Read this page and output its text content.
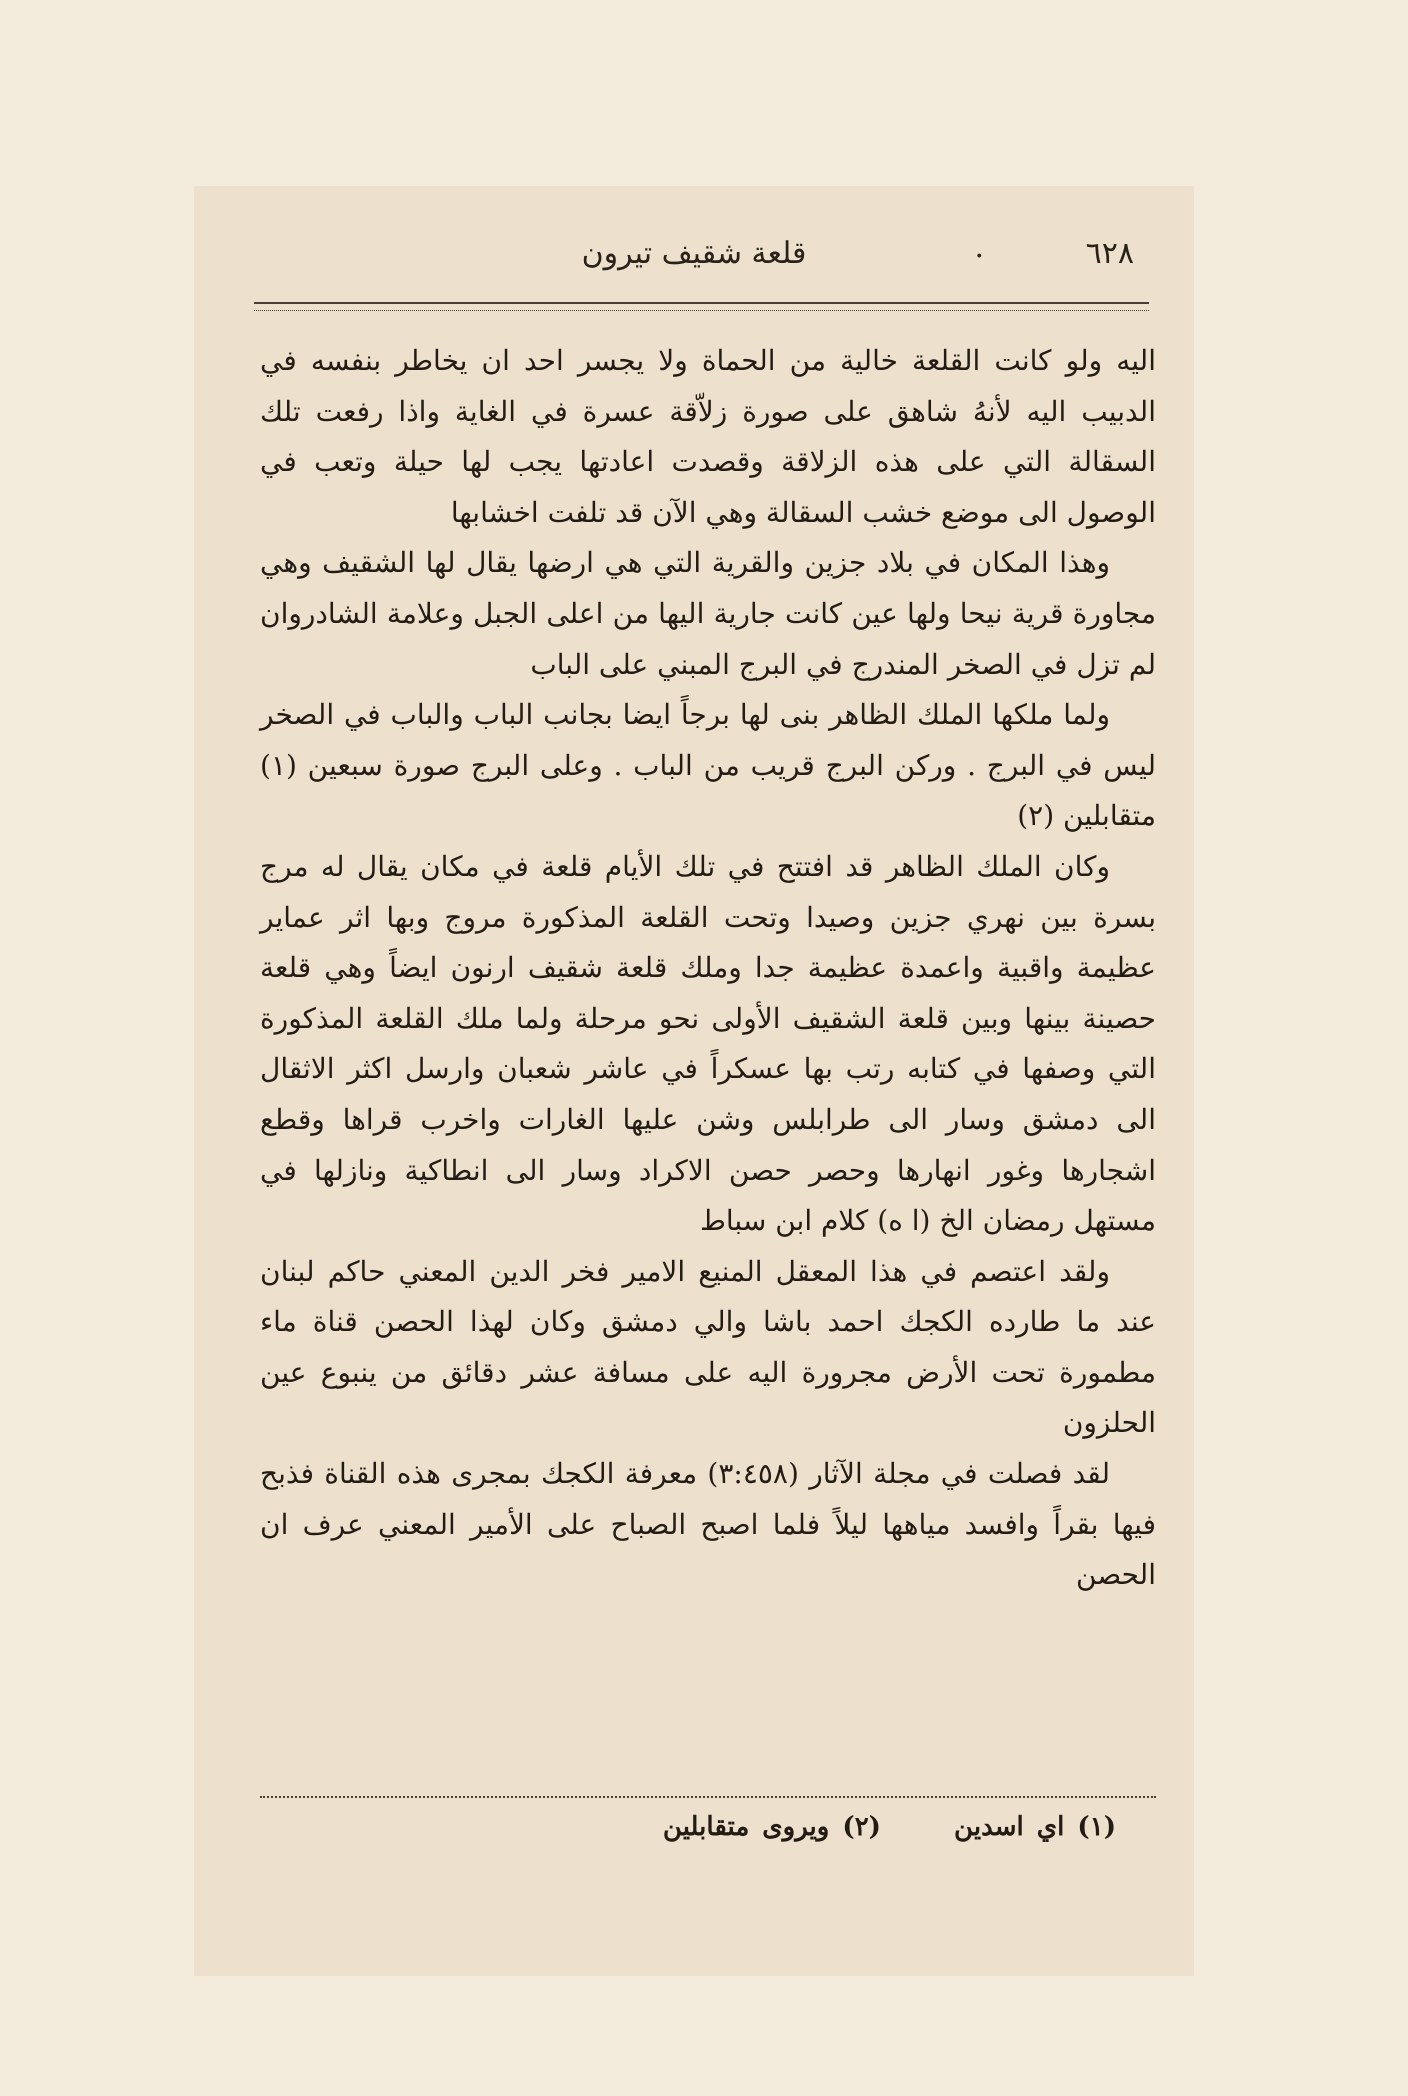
٦٢٨
.
قلعة شقيف تيرون

اليه ولو كانت القلعة خالية من الحماة ولا يجسر احد ان يخاطر بنفسه في الدبيب اليه لأنهُ شاهق على صورة زلاّقة عسرة في الغاية واذا رفعت تلك السقالة التي على هذه الزلاقة وقصدت اعادتها يجب لها حيلة وتعب في الوصول الى موضع خشب السقالة وهي الآن قد تلفت اخشابها

وهذا المكان في بلاد جزين والقرية التي هي ارضها يقال لها الشقيف وهي مجاورة قرية نيحا ولها عين كانت جارية اليها من اعلى الجبل وعلامة الشادروان لم تزل في الصخر المندرج في البرج المبني على الباب

ولما ملكها الملك الظاهر بنى لها برجاً ايضا بجانب الباب والباب في الصخر ليس في البرج . وركن البرج قريب من الباب . وعلى البرج صورة سبعين (١) متقابلين (٢)

وكان الملك الظاهر قد افتتح في تلك الأيام قلعة في مكان يقال له مرج بسرة بين نهري جزين وصيدا وتحت القلعة المذكورة مروج وبها اثر عماير عظيمة واقبية واعمدة عظيمة جدا وملك قلعة شقيف ارنون ايضاً وهي قلعة حصينة بينها وبين قلعة الشقيف الأولى نحو مرحلة ولما ملك القلعة المذكورة التي وصفها في كتابه رتب بها عسكراً في عاشر شعبان وارسل اكثر الاثقال الى دمشق وسار الى طرابلس وشن عليها الغارات واخرب قراها وقطع اشجارها وغور انهارها وحصر حصن الاكراد وسار الى انطاكية ونازلها في مستهل رمضان الخ (ا ه) كلام ابن سباط

ولقد اعتصم في هذا المعقل المنيع الامير فخر الدين المعني حاكم لبنان عند ما طارده الكجك احمد باشا والي دمشق وكان لهذا الحصن قناة ماء مطمورة تحت الأرض مجرورة اليه على مسافة عشر دقائق من ينبوع عين الحلزون

لقد فصلت في مجلة الآثار (٣:٤٥٨) معرفة الكجك بمجرى هذه القناة فذبح فيها بقراً وافسد مياهها ليلاً فلما اصبح الصباح على الأمير المعني عرف ان الحصن

(١) اي اسدين (٢) ويروى متقابلين
